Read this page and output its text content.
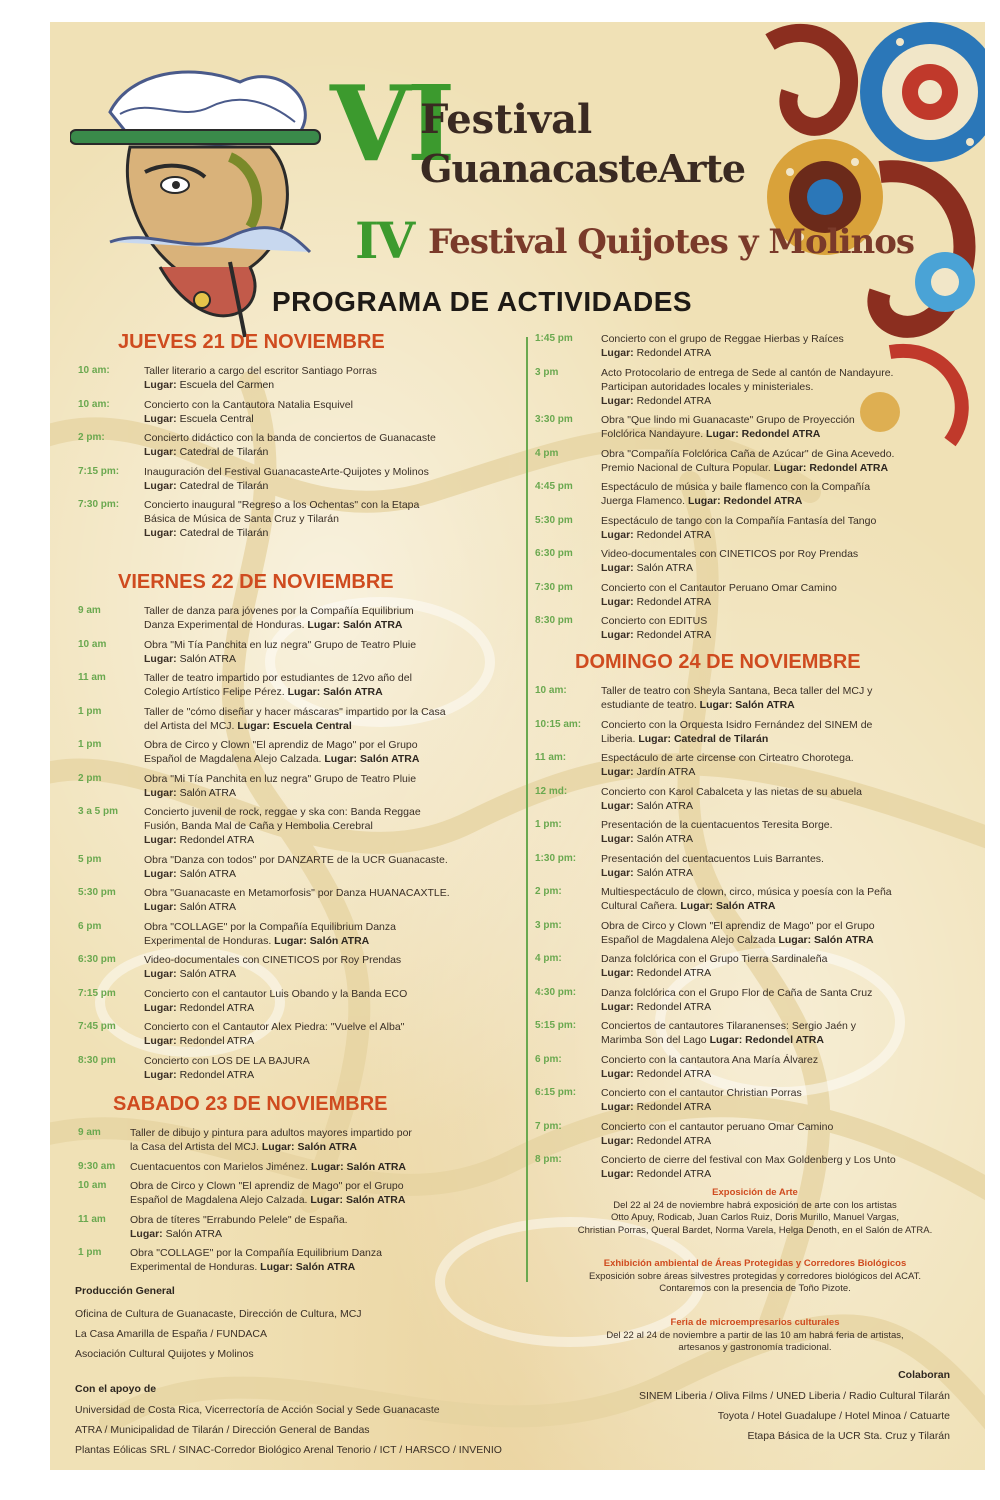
VI
Festival
GuanacasteArte
IV Festival Quijotes y Molinos
PROGRAMA DE ACTIVIDADES
JUEVES 21 DE NOVIEMBRE
10 am:	Taller literario a cargo del escritor Santiago Porras
Lugar: Escuela del Carmen
10 am:	Concierto con la Cantautora Natalia Esquivel
Lugar: Escuela Central
2 pm:	Concierto didáctico con la banda de conciertos de Guanacaste
Lugar: Catedral de Tilarán
7:15 pm: Inauguración del Festival GuanacasteArte-Quijotes y Molinos
Lugar: Catedral de Tilarán
7:30 pm: Concierto inaugural "Regreso a los Ochentas" con la Etapa
Básica de Música de Santa Cruz y Tilarán
Lugar: Catedral de Tilarán
VIERNES 22 DE NOVIEMBRE
9 am	Taller de danza para jóvenes por la Compañía Equilibrium
Danza Experimental de Honduras. Lugar: Salón ATRA
10 am	Obra "Mi Tía Panchita en luz negra" Grupo de Teatro Pluie
Lugar: Salón ATRA
11 am	Taller de teatro impartido por estudiantes de 12vo año del
Colegio Artístico Felipe Pérez. Lugar: Salón ATRA
1 pm	Taller de "cómo diseñar y hacer máscaras" impartido por la Casa
del Artista del MCJ. Lugar: Escuela Central
1 pm	Obra de Circo y Clown "El aprendiz de Mago" por el Grupo
Español de Magdalena Alejo Calzada. Lugar: Salón ATRA
2 pm	Obra "Mi Tía Panchita en luz negra" Grupo de Teatro Pluie
Lugar: Salón ATRA
3 a 5 pm Concierto juvenil de rock, reggae y ska con: Banda Reggae
Fusión, Banda Mal de Caña y Hembolia Cerebral
Lugar: Redondel ATRA
5 pm	Obra "Danza con todos" por DANZARTE de la UCR Guanacaste.
Lugar: Salón ATRA
5:30 pm	Obra "Guanacaste en Metamorfosis" por Danza HUANACAXTLE.
Lugar: Salón ATRA
6 pm	Obra "COLLAGE" por la Compañía Equilibrium Danza
Experimental de Honduras. Lugar: Salón ATRA
6:30 pm	Video-documentales con CINETICOS por Roy Prendas
Lugar: Salón ATRA
7:15 pm	Concierto con el cantautor Luis Obando y la Banda ECO
Lugar: Redondel ATRA
7:45 pm	Concierto con el Cantautor Alex Piedra: "Vuelve el Alba"
Lugar: Redondel ATRA
8:30 pm	Concierto con LOS DE LA BAJURA
Lugar: Redondel ATRA
SABADO 23 DE NOVIEMBRE
9 am	Taller de dibujo y pintura para adultos mayores impartido por
la Casa del Artista del MCJ. Lugar: Salón ATRA
9:30 am Cuentacuentos con Marielos Jiménez. Lugar: Salón ATRA
10 am Obra de Circo y Clown "El aprendiz de Mago" por el Grupo
Español de Magdalena Alejo Calzada. Lugar: Salón ATRA
11 am Obra de títeres "Errabundo Pelele" de España.
Lugar: Salón ATRA
1 pm	Obra "COLLAGE" por la Compañía Equilibrium Danza
Experimental de Honduras. Lugar: Salón ATRA
1:45 pm	Concierto con el grupo de Reggae Hierbas y Raíces
Lugar: Redondel ATRA
3 pm	Acto Protocolario de entrega de Sede al cantón de Nandayure.
Participan autoridades locales y ministeriales.
Lugar: Redondel ATRA
3:30 pm	Obra "Que lindo mi Guanacaste" Grupo de Proyección
Folclórica Nandayure. Lugar: Redondel ATRA
4 pm	Obra "Compañía Folclórica Caña de Azúcar" de Gina Acevedo.
Premio Nacional de Cultura Popular. Lugar: Redondel ATRA
4:45 pm	Espectáculo de música y baile flamenco con la Compañía
Juerga Flamenco. Lugar: Redondel ATRA
5:30 pm	Espectáculo de tango con la Compañía Fantasía del Tango
Lugar: Redondel ATRA
6:30 pm	Video-documentales con CINETICOS por Roy Prendas
Lugar: Salón ATRA
7:30 pm	Concierto con el Cantautor Peruano Omar Camino
Lugar: Redondel ATRA
8:30 pm	Concierto con EDITUS
Lugar: Redondel ATRA
DOMINGO 24 DE NOVIEMBRE
10 am:	Taller de teatro con Sheyla Santana, Beca taller del MCJ y
estudiante de teatro. Lugar: Salón ATRA
10:15 am: Concierto con la Orquesta Isidro Fernández del SINEM de
Liberia. Lugar: Catedral de Tilarán
11 am:	Espectáculo de arte circense con Cirteatro Chorotega.
Lugar: Jardín ATRA
12 md:	Concierto con Karol Cabalceta y las nietas de su abuela
Lugar: Salón ATRA
1 pm:	Presentación de la cuentacuentos Teresita Borge.
Lugar: Salón ATRA
1:30 pm: Presentación del cuentacuentos Luis Barrantes.
Lugar: Salón ATRA
2 pm:	Multiespectáculo de clown, circo, música y poesía con la Peña
Cultural Cañera. Lugar: Salón ATRA
3 pm:	Obra de Circo y Clown "El aprendiz de Mago" por el Grupo
Español de Magdalena Alejo Calzada Lugar: Salón ATRA
4 pm:	Danza folclórica con el Grupo Tierra Sardinaleña
Lugar: Redondel ATRA
4:30 pm: Danza folclórica con el Grupo Flor de Caña de Santa Cruz
Lugar: Redondel ATRA
5:15 pm: Conciertos de cantautores Tilaranenses: Sergio Jaén y
Marimba Son del Lago Lugar: Redondel ATRA
6 pm:	Concierto con la cantautora Ana María Álvarez
Lugar: Redondel ATRA
6:15 pm: Concierto con el cantautor Christian Porras
Lugar: Redondel ATRA
7 pm:	Concierto con el cantautor peruano Omar Camino
Lugar: Redondel ATRA
8 pm:	Concierto de cierre del festival con Max Goldenberg y Los Unto
Lugar: Redondel ATRA
Exposición de Arte
Del 22 al 24 de noviembre habrá exposición de arte con los artistas
Otto Apuy, Rodicab, Juan Carlos Ruiz, Doris Murillo, Manuel Vargas,
Christian Porras, Queral Bardet, Norma Varela, Helga Denoth, en el Salón de ATRA.
Exhibición ambiental de Áreas Protegidas y Corredores Biológicos
Exposición sobre áreas silvestres protegidas y corredores biológicos del ACAT.
Contaremos con la presencia de Toño Pizote.
Feria de microempresarios culturales
Del 22 al 24 de noviembre a partir de las 10 am habrá feria de artistas,
artesanos y gastronomía tradicional.
Producción General
Oficina de Cultura de Guanacaste, Dirección de Cultura, MCJ
La Casa Amarilla de España / FUNDACA
Asociación Cultural Quijotes y Molinos
Con el apoyo de
Universidad de Costa Rica, Vicerrectoría de Acción Social y Sede Guanacaste
ATRA / Municipalidad de Tilarán / Dirección General de Bandas
Plantas Eólicas SRL / SINAC-Corredor Biológico Arenal Tenorio / ICT / HARSCO / INVENIO
Colaboran
SINEM Liberia / Oliva Films / UNED Liberia / Radio Cultural Tilarán
Toyota / Hotel Guadalupe / Hotel Minoa / Catuarte
Etapa Básica de la UCR Sta. Cruz y Tilarán
